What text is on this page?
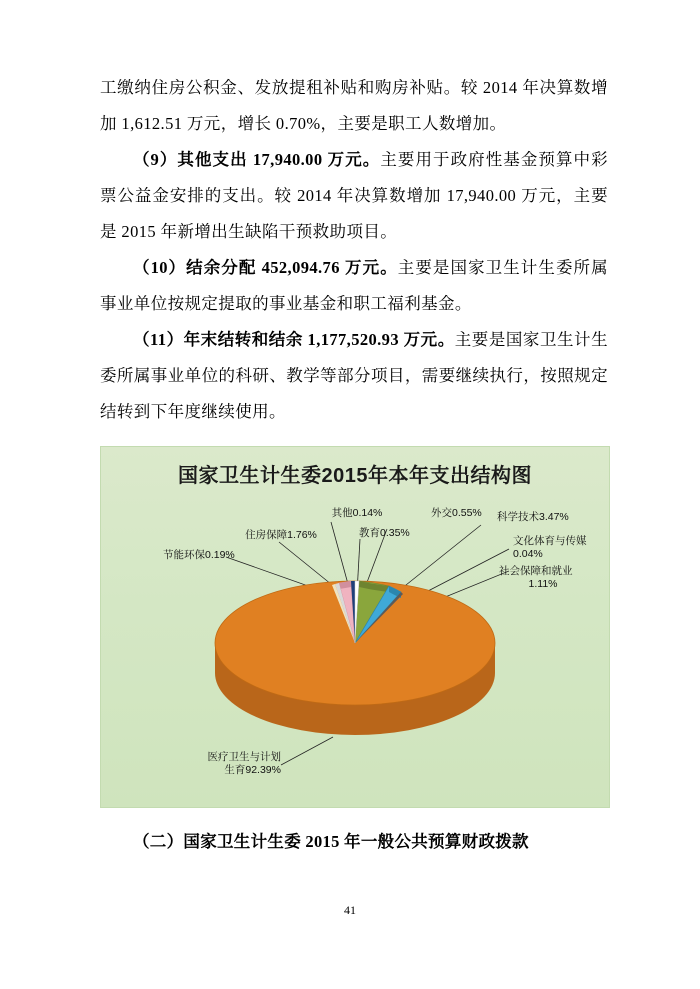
工缴纳住房公积金、发放提租补贴和购房补贴。较 2014 年决算数增加 1,612.51 万元，增长 0.70%，主要是职工人数增加。

（9）其他支出 17,940.00 万元。主要用于政府性基金预算中彩票公益金安排的支出。较 2014 年决算数增加 17,940.00 万元，主要是 2015 年新增出生缺陷干预救助项目。

（10）结余分配 452,094.76 万元。主要是国家卫生计生委所属事业单位按规定提取的事业基金和职工福利基金。

（11）年末结转和结余 1,177,520.93 万元。主要是国家卫生计生委所属事业单位的科研、教学等部分项目，需要继续执行，按照规定结转到下年度继续使用。

国家卫生计生委2015年本年支出结构图
其他0.14%
住房保障1.76%
节能环保0.19%
外交0.55%
教育0.35%
科学技术3.47%
文化体育与传媒
0.04%
社会保障和就业
1.11%
医疗卫生与计划
生育92.39%
（二）国家卫生计生委 2015 年一般公共预算财政拨款
41
